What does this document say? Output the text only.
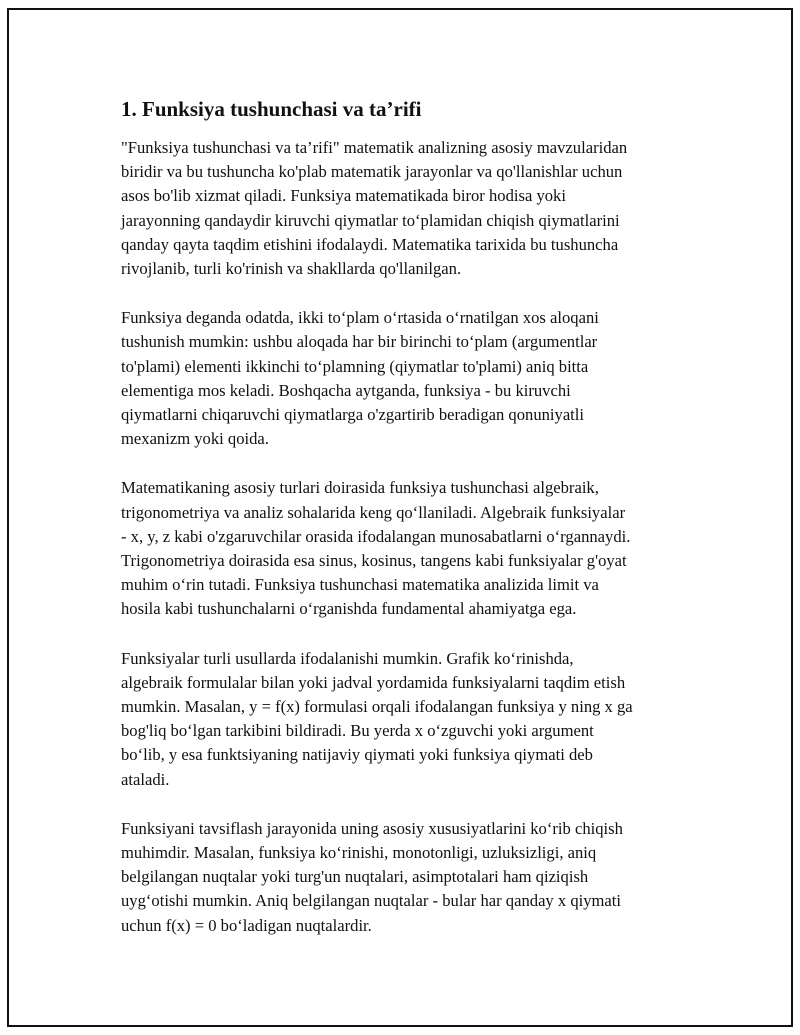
1. Funksiya tushunchasi va ta’rifi
"Funksiya tushunchasi va ta’rifi" matematik analizning asosiy mavzularidan
biridir va bu tushuncha ko'plab matematik jarayonlar va qo'llanishlar uchun
asos bo'lib xizmat qiladi. Funksiya matematikada biror hodisa yoki
jarayonning qandaydir kiruvchi qiymatlar to‘plamidan chiqish qiymatlarini
qanday qayta taqdim etishini ifodalaydi. Matematika tarixida bu tushuncha
rivojlanib, turli ko'rinish va shakllarda qo'llanilgan.
Funksiya deganda odatda, ikki to‘plam o‘rtasida o‘rnatilgan xos aloqani
tushunish mumkin: ushbu aloqada har bir birinchi to‘plam (argumentlar
to'plami) elementi ikkinchi to‘plamning (qiymatlar to'plami) aniq bitta
elementiga mos keladi. Boshqacha aytganda, funksiya - bu kiruvchi
qiymatlarni chiqaruvchi qiymatlarga o'zgartirib beradigan qonuniyatli
mexanizm yoki qoida.
Matematikaning asosiy turlari doirasida funksiya tushunchasi algebraik,
trigonometriya va analiz sohalarida keng qo‘llaniladi. Algebraik funksiyalar
- x, y, z kabi o'zgaruvchilar orasida ifodalangan munosabatlarni o‘rgannaydi.
Trigonometriya doirasida esa sinus, kosinus, tangens kabi funksiyalar g'oyat
muhim o‘rin tutadi. Funksiya tushunchasi matematika analizida limit va
hosila kabi tushunchalarni o‘rganishda fundamental ahamiyatga ega.
Funksiyalar turli usullarda ifodalanishi mumkin. Grafik ko‘rinishda,
algebraik formulalar bilan yoki jadval yordamida funksiyalarni taqdim etish
mumkin. Masalan, y = f(x) formulasi orqali ifodalangan funksiya y ning x ga
bog'liq bo‘lgan tarkibini bildiradi. Bu yerda x o‘zguvchi yoki argument
bo‘lib, y esa funktsiyaning natijaviy qiymati yoki funksiya qiymati deb
ataladi.
Funksiyani tavsiflash jarayonida uning asosiy xususiyatlarini ko‘rib chiqish
muhimdir. Masalan, funksiya ko‘rinishi, monotonligi, uzluksizligi, aniq
belgilangan nuqtalar yoki turg'un nuqtalari, asimptotalari ham qiziqish
uyg‘otishi mumkin. Aniq belgilangan nuqtalar - bular har qanday x qiymati
uchun f(x) = 0 bo‘ladigan nuqtalardir.
